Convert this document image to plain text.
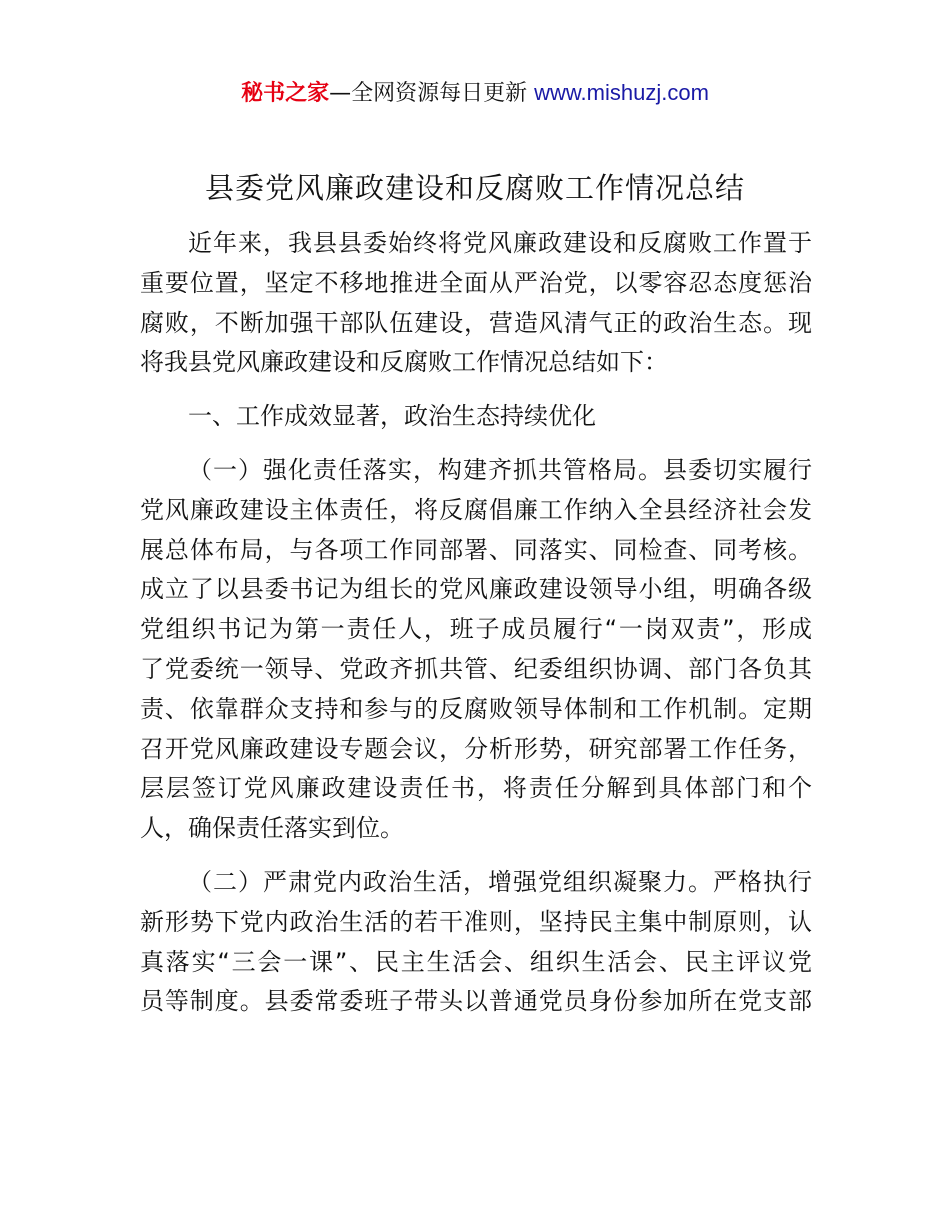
秘书之家—全网资源每日更新 www.mishuzj.com
县委党风廉政建设和反腐败工作情况总结
近年来，我县县委始终将党风廉政建设和反腐败工作置于
重要位置，坚定不移地推进全面从严治党，以零容忍态度惩治
腐败，不断加强干部队伍建设，营造风清气正的政治生态。现
将我县党风廉政建设和反腐败工作情况总结如下：
一、工作成效显著，政治生态持续优化
（一）强化责任落实，构建齐抓共管格局。县委切实履行
党风廉政建设主体责任，将反腐倡廉工作纳入全县经济社会发
展总体布局，与各项工作同部署、同落实、同检查、同考核。
成立了以县委书记为组长的党风廉政建设领导小组，明确各级
党组织书记为第一责任人，班子成员履行“一岗双责”，形成
了党委统一领导、党政齐抓共管、纪委组织协调、部门各负其
责、依靠群众支持和参与的反腐败领导体制和工作机制。定期
召开党风廉政建设专题会议，分析形势，研究部署工作任务，
层层签订党风廉政建设责任书，将责任分解到具体部门和个
人，确保责任落实到位。
（二）严肃党内政治生活，增强党组织凝聚力。严格执行
新形势下党内政治生活的若干准则，坚持民主集中制原则，认
真落实“三会一课”、民主生活会、组织生活会、民主评议党
员等制度。县委常委班子带头以普通党员身份参加所在党支部
